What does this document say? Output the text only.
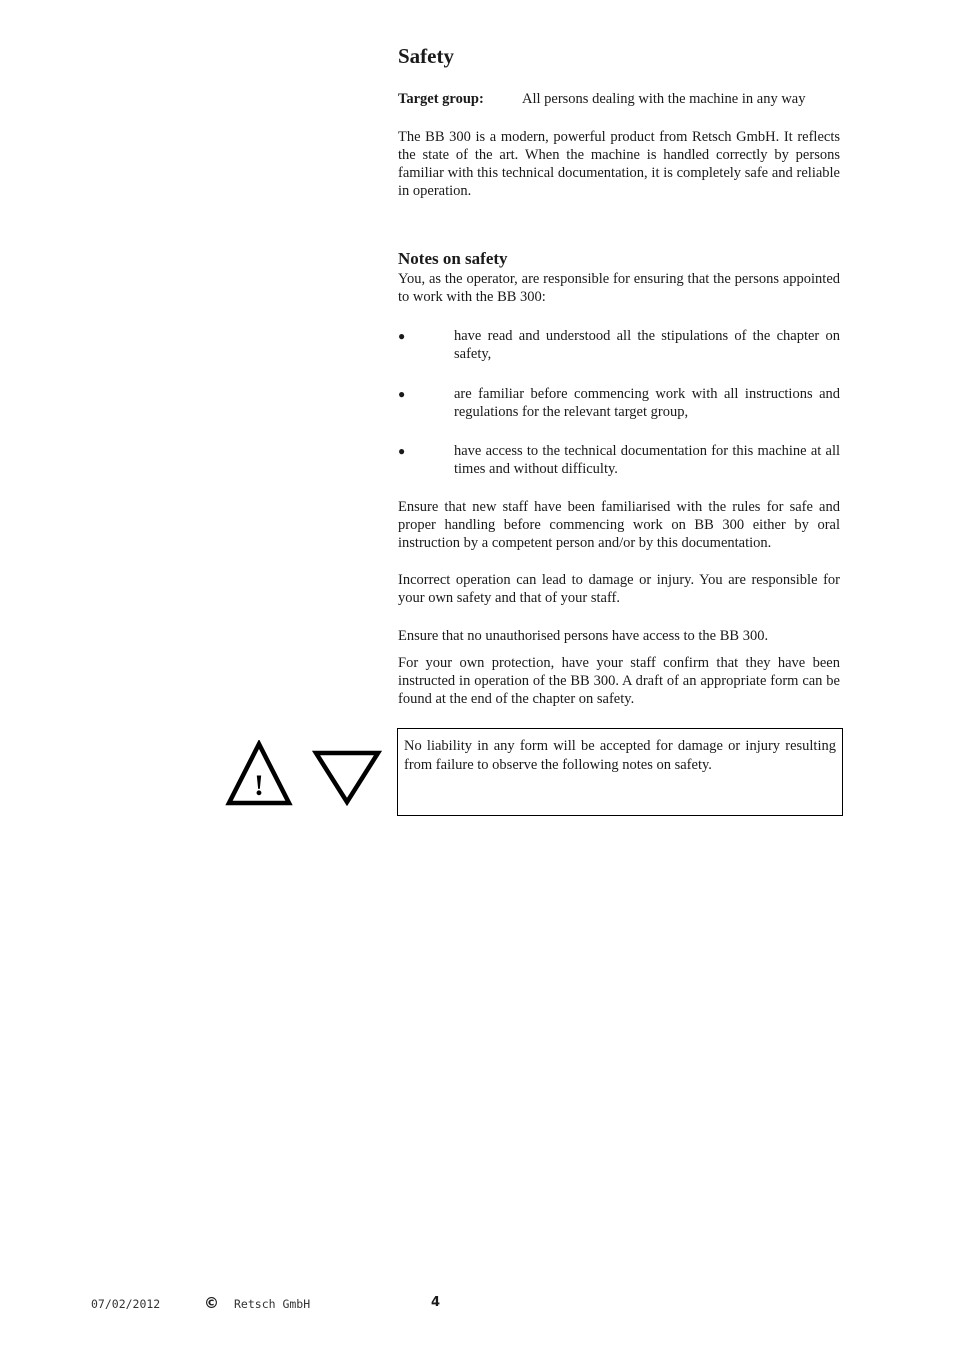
Safety
Target group:	All persons dealing with the machine in any way
The BB 300 is a modern, powerful product from Retsch GmbH. It reflects the state of the art. When the machine is handled correctly by persons familiar with this technical documentation, it is completely safe and reliable in operation.
Notes on safety
You, as the operator, are responsible for ensuring that the persons appointed to work with the BB 300:
●	have read and understood all the stipulations of the chapter on safety,
●	are familiar before commencing work with all instructions and regulations for the relevant target group,
●	have access to the technical documentation for this machine at all times and without difficulty.
Ensure that new staff have been familiarised with the rules for safe and proper handling before commencing work on BB 300 either by oral instruction by a competent person and/or by this documentation.
Incorrect operation can lead to damage or injury. You are responsible for your own safety and that of your staff.
Ensure that no unauthorised persons have access to the BB 300.
For your own protection, have your staff confirm that they have been instructed in operation of the BB 300. A draft of an appropriate form can be found at the end of the chapter on safety.
!
No liability in any form will be accepted for damage or injury resulting from failure to observe the following notes on safety.
07/02/2012	© Retsch GmbH	4
